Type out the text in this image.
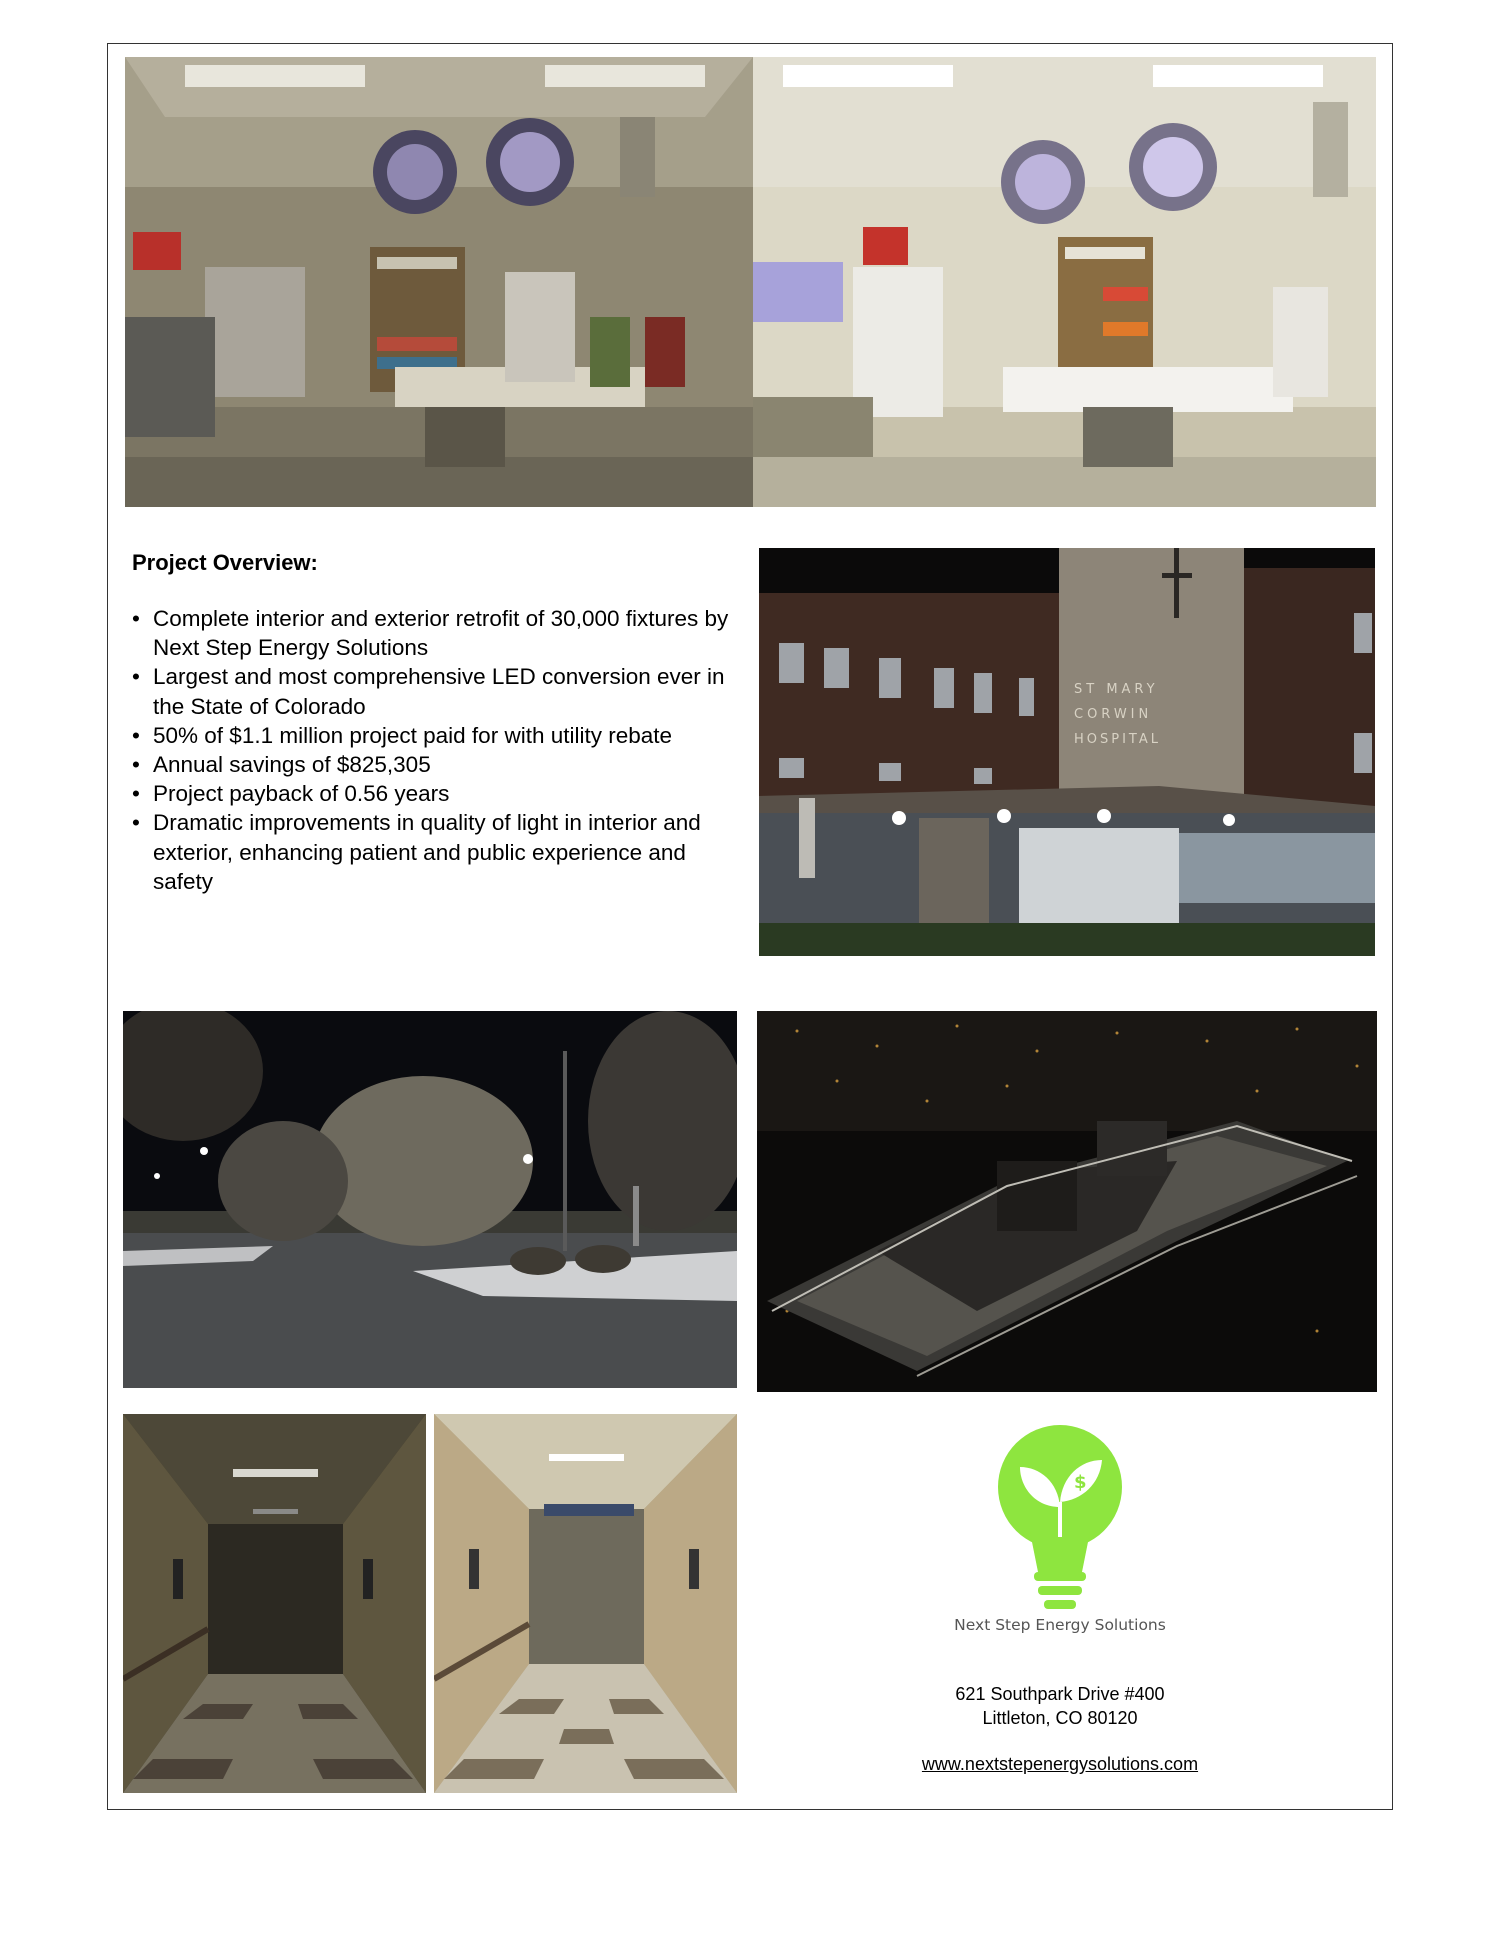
Project Overview:
• Complete interior and exterior retrofit of 30,000 fixtures by Next Step Energy Solutions
• Largest and most comprehensive LED conversion ever in the State of Colorado
• 50% of $1.1 million project paid for with utility rebate
• Annual savings of $825,305
• Project payback of 0.56 years
• Dramatic improvements in quality of light in interior and exterior, enhancing patient and public experience and safety
ST MARY
CORWIN
HOSPITAL
$
Next Step Energy Solutions
621 Southpark Drive #400
Littleton, CO 80120
www.nextstepenergysolutions.com
